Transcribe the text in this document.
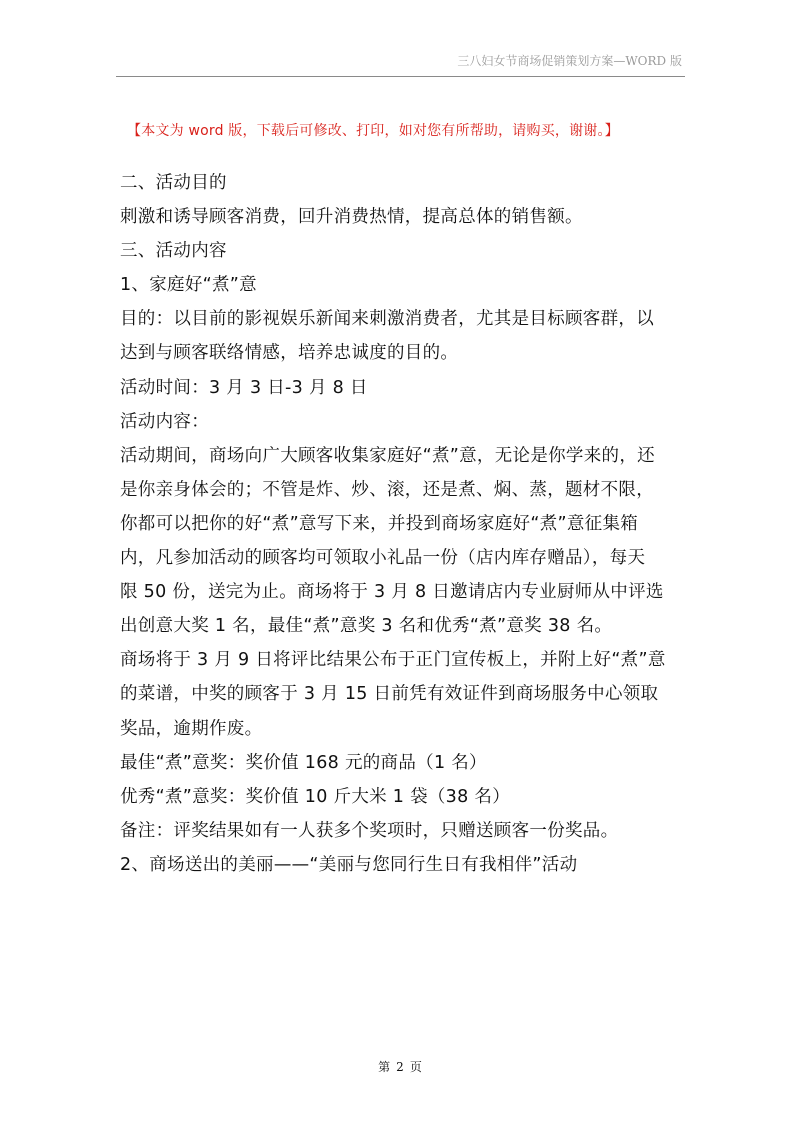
三八妇女节商场促销策划方案—WORD 版
【本文为 word 版，下载后可修改、打印，如对您有所帮助，请购买，谢谢。】

二、活动目的

刺激和诱导顾客消费，回升消费热情，提高总体的销售额。

三、活动内容

1、家庭好“煮”意

目的：以目前的影视娱乐新闻来刺激消费者，尤其是目标顾客群，以

达到与顾客联络情感，培养忠诚度的目的。

活动时间：3 月 3 日-3 月 8 日

活动内容：

活动期间，商场向广大顾客收集家庭好“煮”意，无论是你学来的，还

是你亲身体会的；不管是炸、炒、滚，还是煮、焖、蒸，题材不限，

你都可以把你的好“煮”意写下来，并投到商场家庭好“煮”意征集箱

内，凡参加活动的顾客均可领取小礼品一份（店内库存赠品），每天

限 50 份，送完为止。商场将于 3 月 8 日邀请店内专业厨师从中评选

出创意大奖 1 名，最佳“煮”意奖 3 名和优秀“煮”意奖 38 名。

商场将于 3 月 9 日将评比结果公布于正门宣传板上，并附上好“煮”意

的菜谱，中奖的顾客于 3 月 15 日前凭有效证件到商场服务中心领取

奖品，逾期作废。

最佳“煮”意奖：奖价值 168 元的商品（1 名）

优秀“煮”意奖：奖价值 10 斤大米 1 袋（38 名）

备注：评奖结果如有一人获多个奖项时，只赠送顾客一份奖品。

2、商场送出的美丽——“美丽与您同行生日有我相伴”活动

第 2 页
